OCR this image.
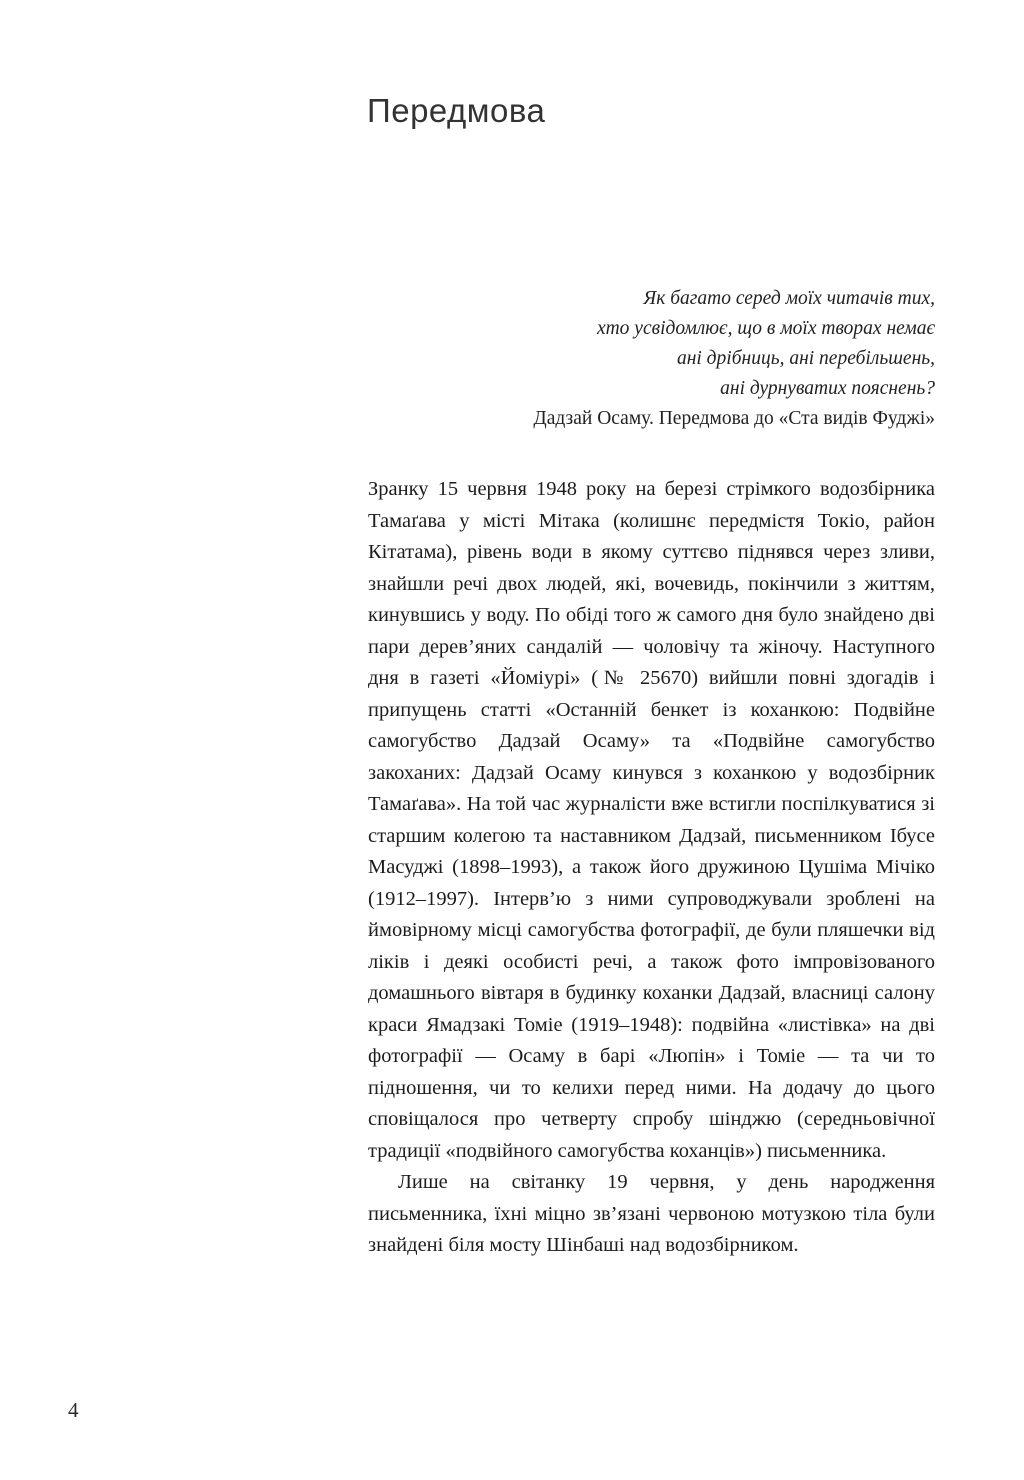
Передмова
Як багато серед моїх читачів тих,
хто усвідомлює, що в моїх творах немає
ані дрібниць, ані перебільшень,
ані дурнуватих пояснень?
Дадзай Осаму. Передмова до «Ста видів Фуджі»

Зранку 15 червня 1948 року на березі стрімкого водозбірника Тамаґава у місті Мітака (колишнє передмістя Токіо, район Кітатама), рівень води в якому суттєво піднявся через зливи, знайшли речі двох людей, які, вочевидь, покінчили з життям, кинувшись у воду. По обіді того ж самого дня було знайдено дві пари дерев’яних сандалій — чоловічу та жіночу. Наступного дня в газеті «Йоміурі» (№ 25670) вийшли повні здогадів і припущень статті «Останній бенкет із коханкою: Подвійне самогубство Дадзай Осаму» та «Подвійне самогубство закоханих: Дадзай Осаму кинувся з коханкою у водозбірник Тамаґава». На той час журналісти вже встигли поспілкуватися зі старшим колегою та наставником Дадзай, письменником Ібусе Масуджі (1898–1993), а також його дружиною Цушіма Мічіко (1912–1997). Інтерв’ю з ними супроводжували зроблені на ймовірному місці самогубства фотографії, де були пляшечки від ліків і деякі особисті речі, а також фото імпровізованого домашнього вівтаря в будинку коханки Дадзай, власниці салону краси Ямадзакі Томіе (1919–1948): подвійна «листівка» на дві фотографії — Осаму в барі «Люпін» і Томіе — та чи то підношення, чи то келихи перед ними. На додачу до цього сповіщалося про четверту спробу шінджю (середньовічної традиції «подвійного самогубства коханців») письменника.

Лише на світанку 19 червня, у день народження письменника, їхні міцно зв’язані червоною мотузкою тіла були знайдені біля мосту Шінбаші над водозбірником.

4
